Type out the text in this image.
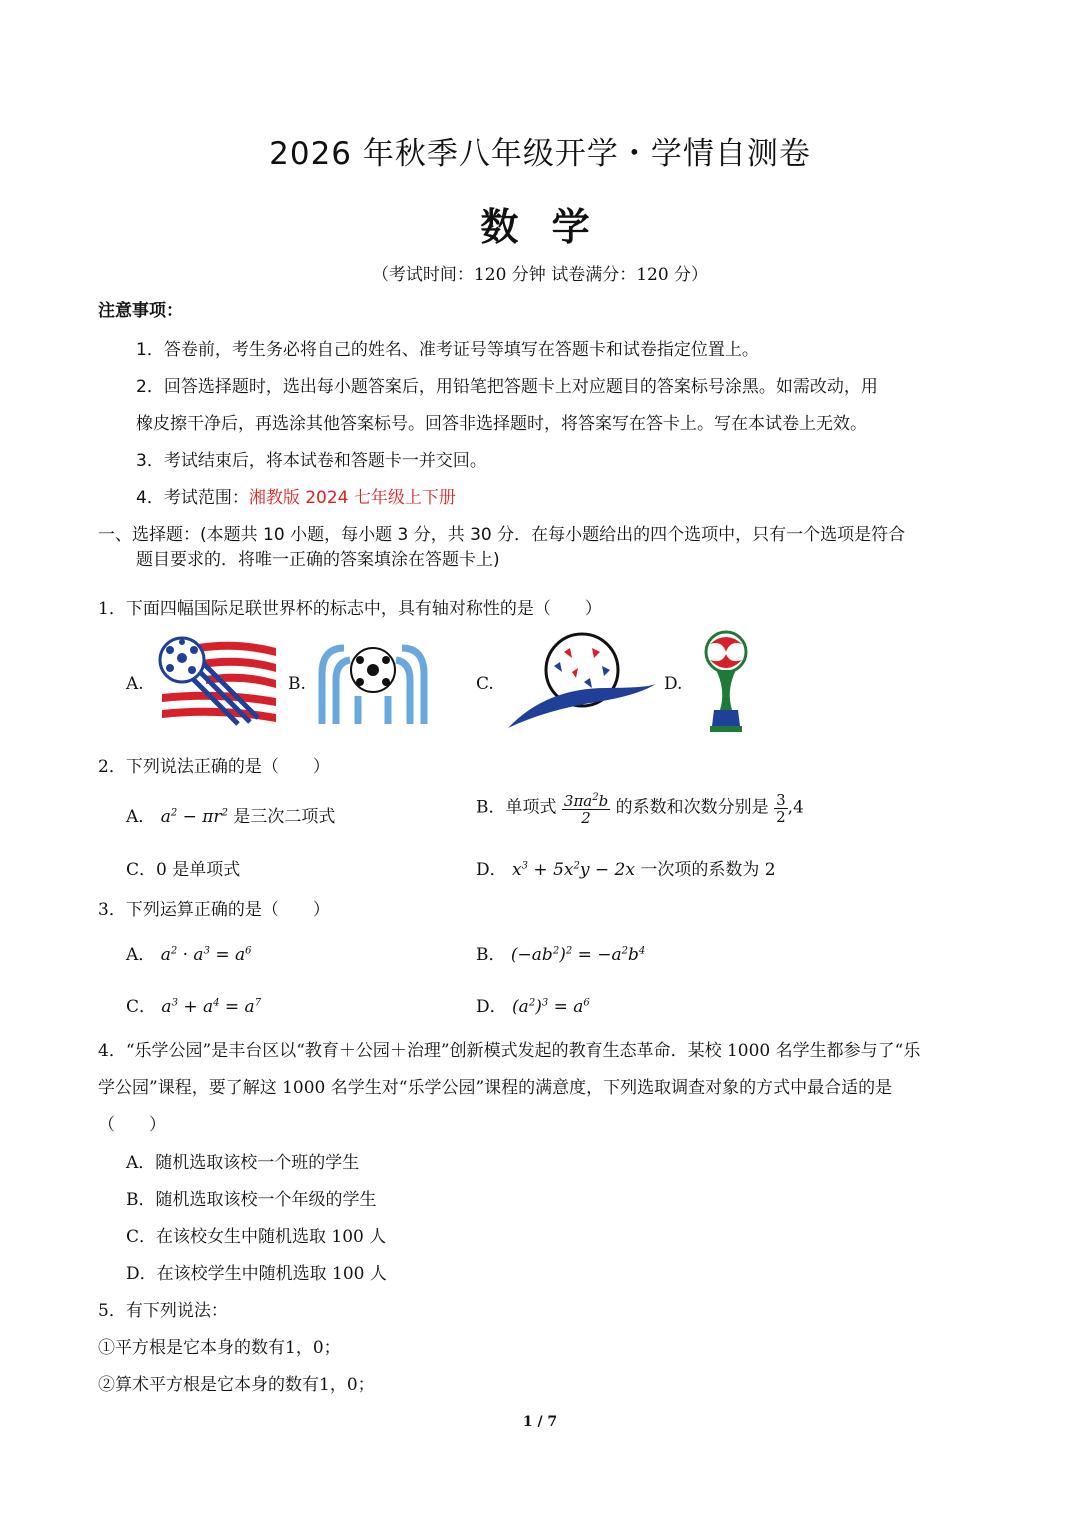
2026 年秋季八年级开学・学情自测卷
数 学
（考试时间：120 分钟 试卷满分：120 分）
注意事项：
1．答卷前，考生务必将自己的姓名、准考证号等填写在答题卡和试卷指定位置上。
2．回答选择题时，选出每小题答案后，用铅笔把答题卡上对应题目的答案标号涂黑。如需改动，用
橡皮擦干净后，再选涂其他答案标号。回答非选择题时，将答案写在答卡上。写在本试卷上无效。
3．考试结束后，将本试卷和答题卡一并交回。
4．考试范围：湘教版 2024 七年级上下册
一、选择题：(本题共 10 小题，每小题 3 分，共 30 分．在每小题给出的四个选项中，只有一个选项是符合
题目要求的．将唯一正确的答案填涂在答题卡上)
1．下面四幅国际足联世界杯的标志中，具有轴对称性的是（　　）
A.	B.	C.	D.
2．下列说法正确的是（　　）
A． $a^2 - \pi r^2$ 是三次二项式	B．单项式 $\frac{3\pi a^2b}{2}$ 的系数和次数分别是 $\frac{3}{2} ,4$
C．0 是单项式	D． $x^3 + 5x^2y - 2x$ 一次项的系数为 2
3．下列运算正确的是（　　）
A． $a^2 \cdot a^3 = a^6$	B． $(-ab^2)^2 = -a^2b^4$
C． $a^3 + a^4 = a^7$	D． $(a^2)^3 = a^6$
4．“乐学公园”是丰台区以“教育＋公园＋治理”创新模式发起的教育生态革命．某校 1000 名学生都参与了“乐
学公园”课程，要了解这 1000 名学生对“乐学公园”课程的满意度，下列选取调查对象的方式中最合适的是
（　　）
A．随机选取该校一个班的学生
B．随机选取该校一个年级的学生
C．在该校女生中随机选取 100 人
D．在该校学生中随机选取 100 人
5．有下列说法：
①平方根是它本身的数有1，0；
②算术平方根是它本身的数有1，0；
1 / 7
